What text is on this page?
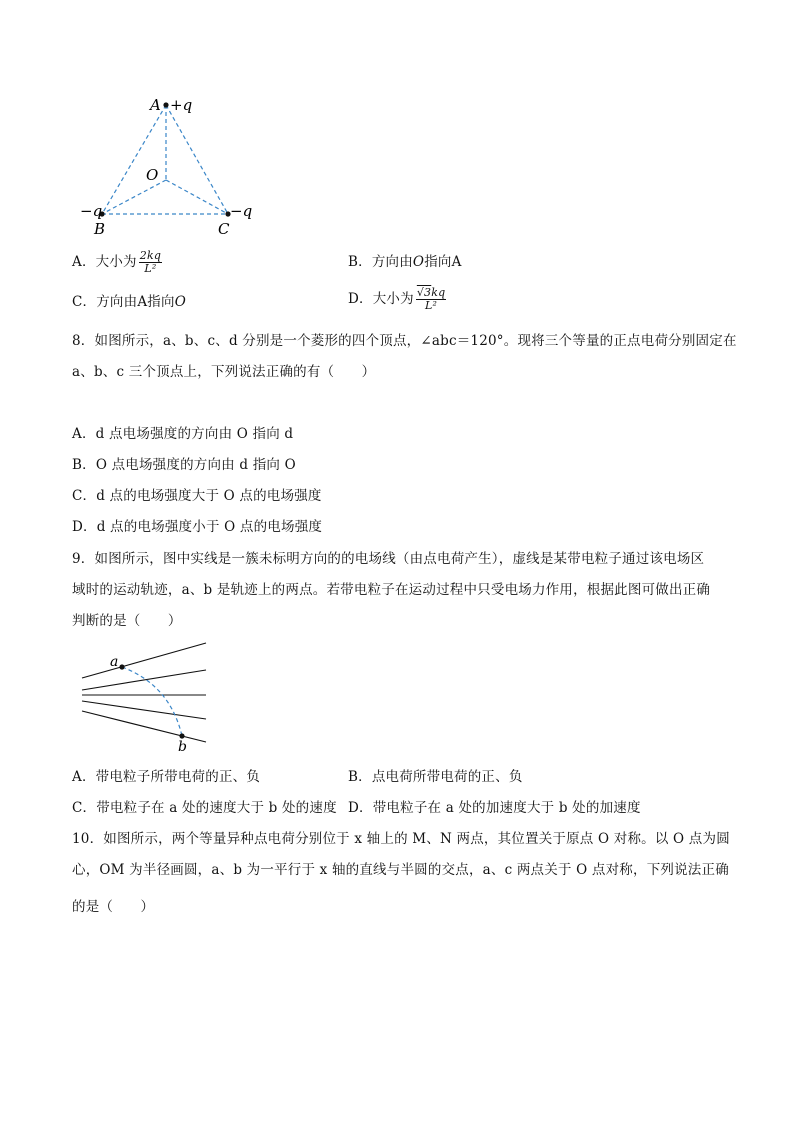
A +q
O
−q	−q
B	C
A．大小为 $\frac{2kq}{\text{L²}}$	B．方向由O指向A
C．方向由A指向O	D．大小为 $\frac{√3kq}{\text{L²}}$
8．如图所示，a、b、c、d 分别是一个菱形的四个顶点，∠abc＝120°。现将三个等量的正点电荷分别固定在
a、b、c 三个顶点上，下列说法正确的有（　　）
A．d 点电场强度的方向由 O 指向 d
B．O 点电场强度的方向由 d 指向 O
C．d 点的电场强度大于 O 点的电场强度
D．d 点的电场强度小于 O 点的电场强度
9．如图所示，图中实线是一簇未标明方向的的电场线（由点电荷产生），虚线是某带电粒子通过该电场区
域时的运动轨迹，a、b 是轨迹上的两点。若带电粒子在运动过程中只受电场力作用，根据此图可做出正确
判断的是（　　）
a
b
A．带电粒子所带电荷的正、负	B．点电荷所带电荷的正、负
C．带电粒子在 a 处的速度大于 b 处的速度 D．带电粒子在 a 处的加速度大于 b 处的加速度
10．如图所示，两个等量异种点电荷分别位于 x 轴上的 M、N 两点，其位置关于原点 O 对称。以 O 点为圆
心，OM 为半径画圆，a、b 为一平行于 x 轴的直线与半圆的交点，a、c 两点关于 O 点对称，下列说法正确
的是（　　）
